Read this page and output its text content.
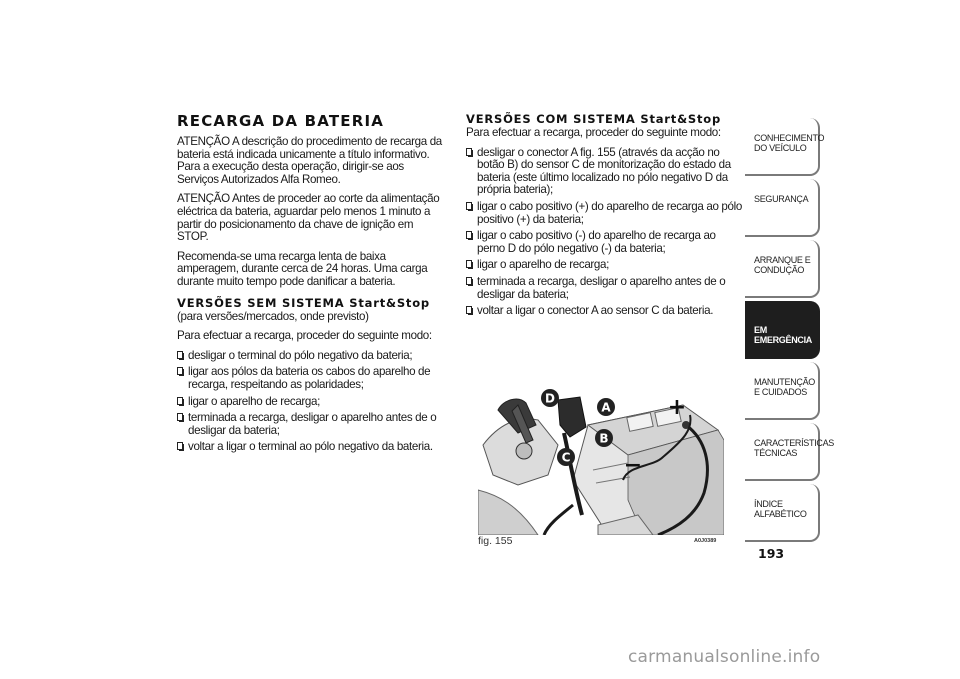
RECARGA DA BATERIA

ATENÇÃO A descrição do procedimento de recarga da bateria está indicada unicamente a título informativo. Para a execução desta operação, dirigir-se aos Serviços Autorizados Alfa Romeo.

ATENÇÃO Antes de proceder ao corte da alimentação eléctrica da bateria, aguardar pelo menos 1 minuto a partir do posicionamento da chave de ignição em STOP.

Recomenda-se uma recarga lenta de baixa amperagem, durante cerca de 24 horas. Uma carga durante muito tempo pode danificar a bateria.

VERSÕES SEM SISTEMA Start&Stop

(para versões/mercados, onde previsto)

Para efectuar a recarga, proceder do seguinte modo:

desligar o terminal do pólo negativo da bateria;
ligar aos pólos da bateria os cabos do aparelho de recarga, respeitando as polaridades;
ligar o aparelho de recarga;
terminada a recarga, desligar o aparelho antes de o desligar da bateria;
voltar a ligar o terminal ao pólo negativo da bateria.
VERSÕES COM SISTEMA Start&Stop

Para efectuar a recarga, proceder do seguinte modo:

desligar o conector A fig. 155 (através da acção no botão B) do sensor C de monitorização do estado da bateria (este último localizado no pólo negativo D da própria bateria);
ligar o cabo positivo (+) do aparelho de recarga ao pólo positivo (+) da bateria;
ligar o cabo positivo (-) do aparelho de recarga ao perno D do pólo negativo (-) da bateria;
ligar o aparelho de recarga;
terminada a recarga, desligar o aparelho antes de o desligar da bateria;
voltar a ligar o conector A ao sensor C da bateria.
D
A
B
C
+
−
fig. 155	A0J0389
CONHECIMENTO DO VEÍCULO
SEGURANÇA
ARRANQUE E CONDUÇÃO
EM EMERGÊNCIA
MANUTENÇÃO E CUIDADOS
CARACTERÍSTICAS TÉCNICAS
ÍNDICE ALFABÉTICO
193
carmanualsonline.info
